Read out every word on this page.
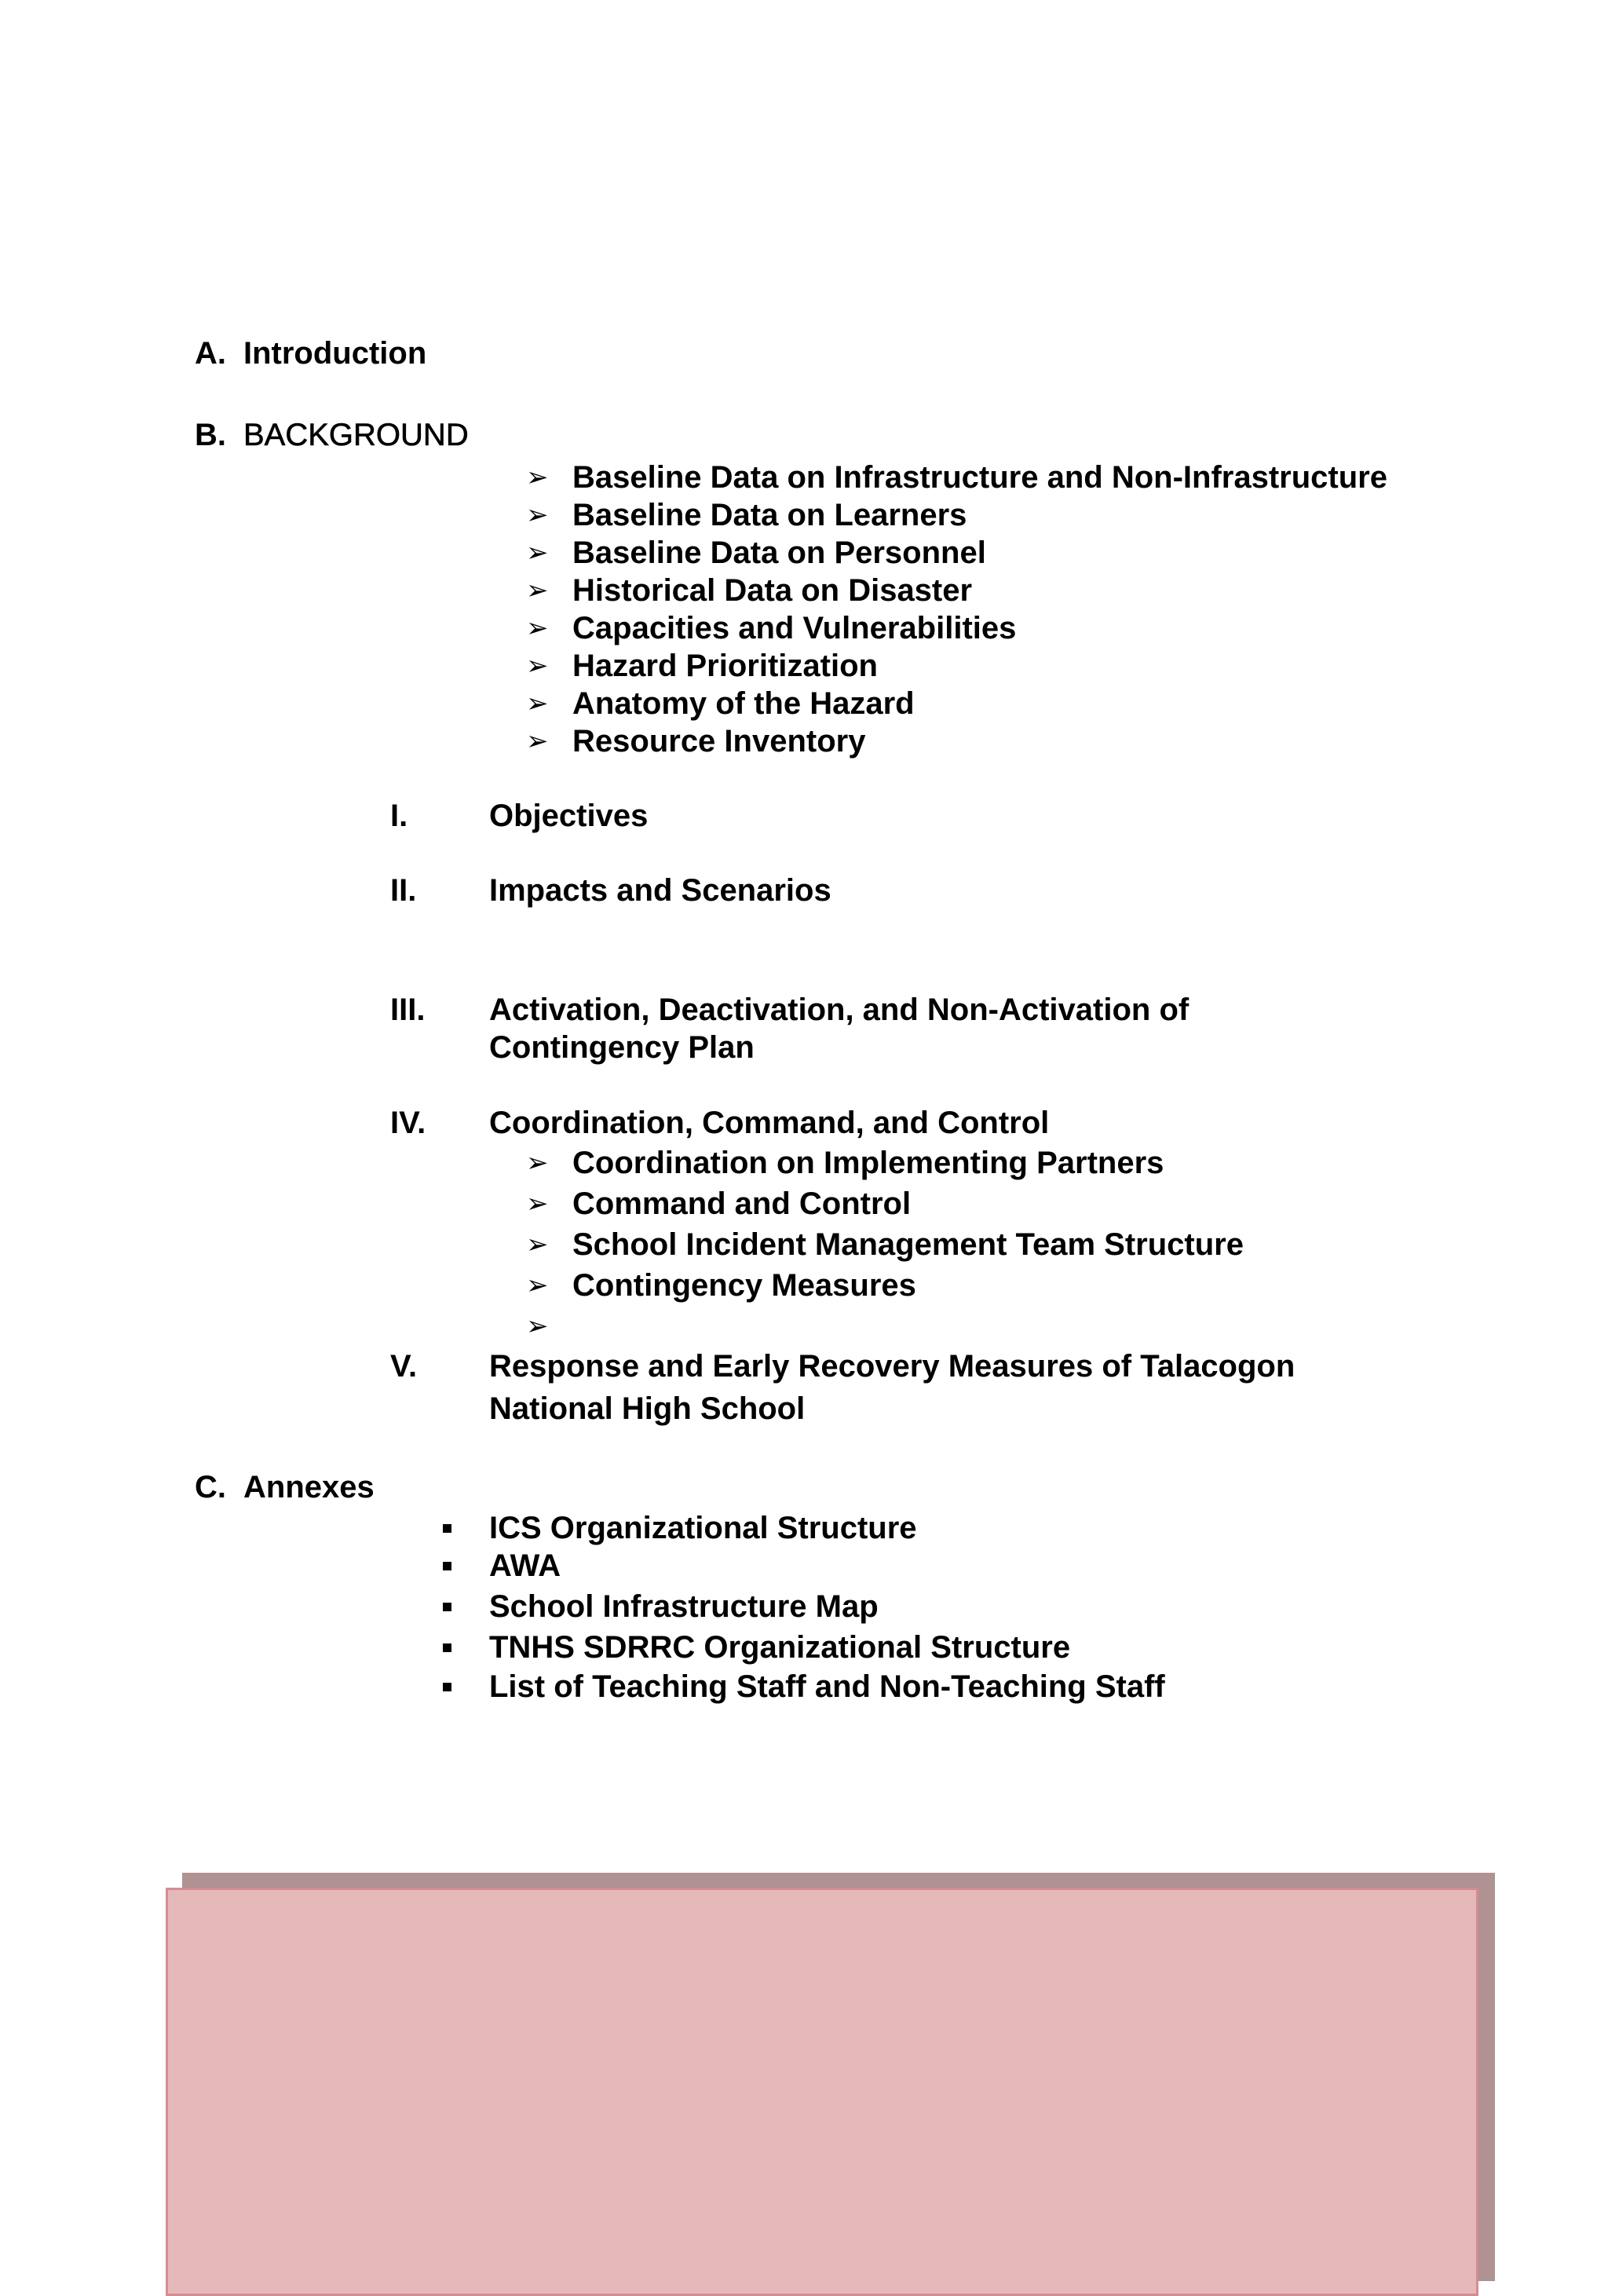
A. Introduction
B. BACKGROUND
➢ Baseline Data on Infrastructure and Non-Infrastructure
➢ Baseline Data on Learners
➢ Baseline Data on Personnel
➢ Historical Data on Disaster
➢ Capacities and Vulnerabilities
➢ Hazard Prioritization
➢ Anatomy of the Hazard
➢ Resource Inventory
I.	Objectives
II. Impacts and Scenarios
III. Activation, Deactivation, and Non-Activation of
Contingency Plan
IV. Coordination, Command, and Control
➢ Coordination on Implementing Partners
➢ Command and Control
➢ School Incident Management Team Structure
➢ Contingency Measures
➢
V. Response and Early Recovery Measures of Talacogon
National High School
C. Annexes
ICS Organizational Structure
AWA
School Infrastructure Map
TNHS SDRRC Organizational Structure
List of Teaching Staff and Non-Teaching Staff
